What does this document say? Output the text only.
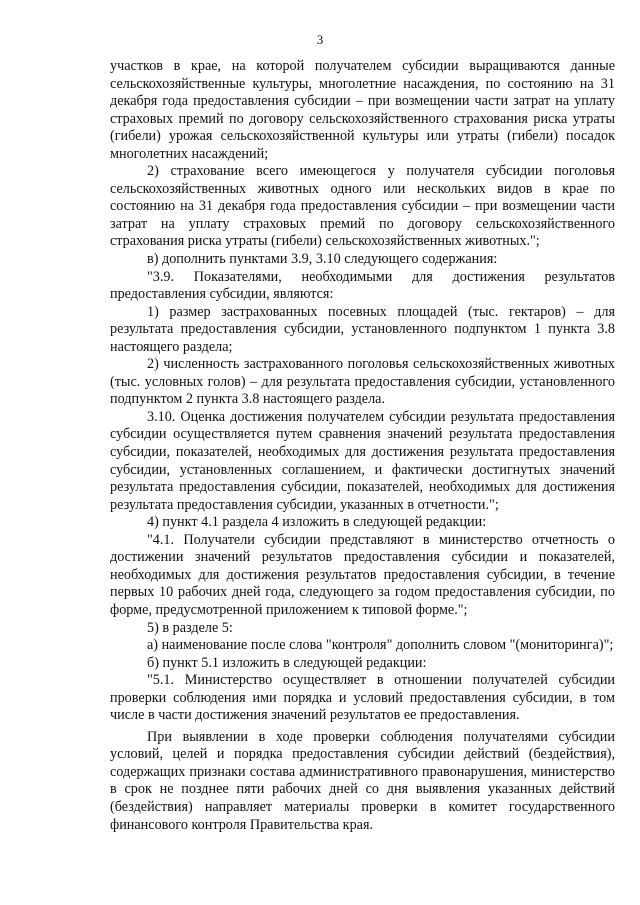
3

участков в крае, на которой получателем субсидии выращиваются данные сельскохозяйственные культуры, многолетние насаждения, по состоянию на 31 декабря года предоставления субсидии – при возмещении части затрат на уплату страховых премий по договору сельскохозяйственного страхования риска утраты (гибели) урожая сельскохозяйственной культуры или утраты (гибели) посадок многолетних насаждений;

2) страхование всего имеющегося у получателя субсидии поголовья сельскохозяйственных животных одного или нескольких видов в крае по состоянию на 31 декабря года предоставления субсидии – при возмещении части затрат на уплату страховых премий по договору сельскохозяйственного страхования риска утраты (гибели) сельскохозяйственных животных.";

в) дополнить пунктами 3.9, 3.10 следующего содержания:

"3.9. Показателями, необходимыми для достижения результатов предоставления субсидии, являются:

1) размер застрахованных посевных площадей (тыс. гектаров) – для результата предоставления субсидии, установленного подпунктом 1 пункта 3.8 настоящего раздела;

2) численность застрахованного поголовья сельскохозяйственных животных (тыс. условных голов) – для результата предоставления субсидии, установленного подпунктом 2 пункта 3.8 настоящего раздела.

3.10. Оценка достижения получателем субсидии результата предоставления субсидии осуществляется путем сравнения значений результата предоставления субсидии, показателей, необходимых для достижения результата предоставления субсидии, установленных соглашением, и фактически достигнутых значений результата предоставления субсидии, показателей, необходимых для достижения результата предоставления субсидии, указанных в отчетности.";

4) пункт 4.1 раздела 4 изложить в следующей редакции:

"4.1. Получатели субсидии представляют в министерство отчетность о достижении значений результатов предоставления субсидии и показателей, необходимых для достижения результатов предоставления субсидии, в течение первых 10 рабочих дней года, следующего за годом предоставления субсидии, по форме, предусмотренной приложением к типовой форме.";

5) в разделе 5:

а) наименование после слова "контроля" дополнить словом "(мониторинга)";

б) пункт 5.1 изложить в следующей редакции:

"5.1. Министерство осуществляет в отношении получателей субсидии проверки соблюдения ими порядка и условий предоставления субсидии, в том числе в части достижения значений результатов ее предоставления.

При выявлении в ходе проверки соблюдения получателями субсидии условий, целей и порядка предоставления субсидии действий (бездействия), содержащих признаки состава административного правонарушения, министерство в срок не позднее пяти рабочих дней со дня выявления указанных действий (бездействия) направляет материалы проверки в комитет государственного финансового контроля Правительства края.
